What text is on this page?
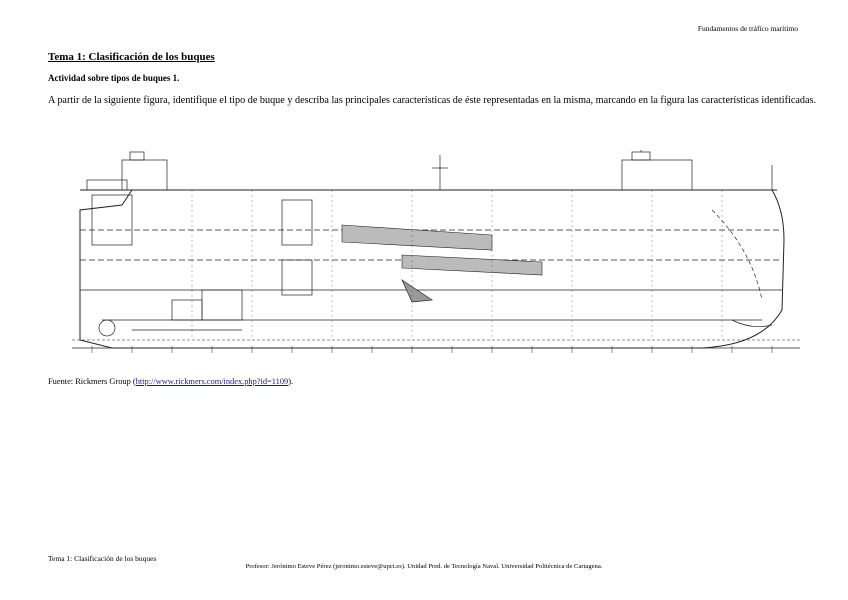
Fundamentos de tráfico marítimo
Tema 1: Clasificación de los buques
Actividad sobre tipos de buques 1.
A partir de la siguiente figura, identifique el tipo de buque y describa las principales características de éste representadas en la misma, marcando en la figura las características identificadas.
Fuente: Rickmers Group (http://www.rickmers.com/index.php?id=1109).
Tema 1: Clasificación de los buques
Profesor: Jerónimo Esteve Pérez (jeronimo.esteve@upct.es). Unidad Pred. de Tecnología Naval. Universidad Politécnica de Cartagena.
